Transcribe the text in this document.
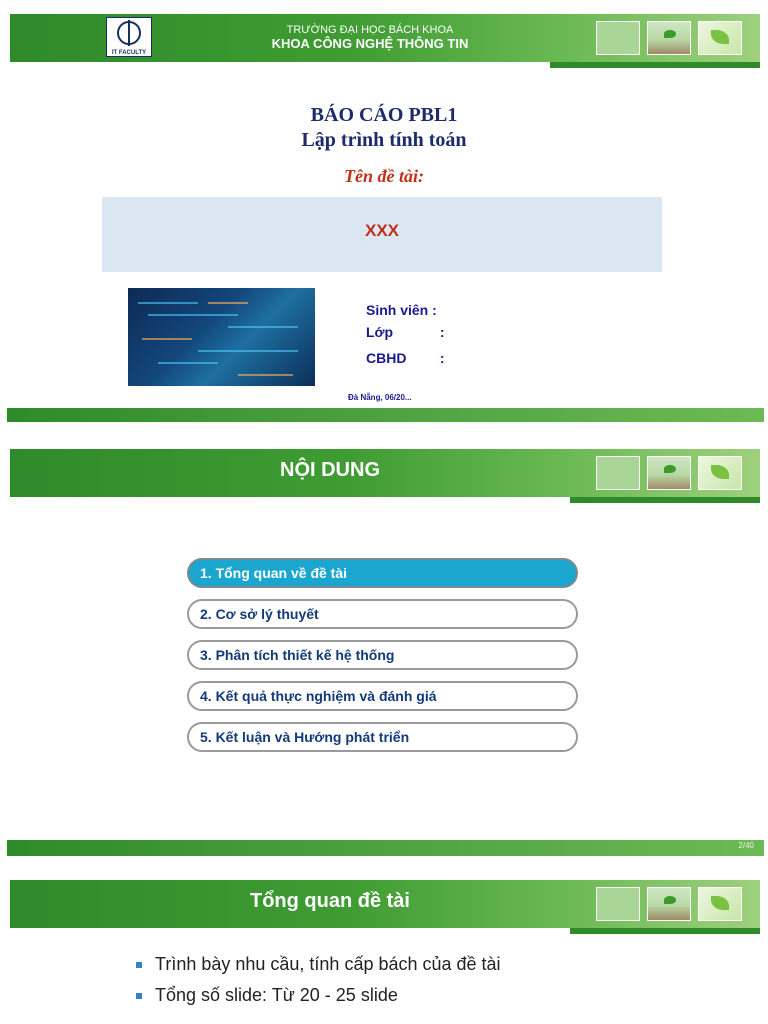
IT FACULTY
TRƯỜNG ĐẠI HỌC BÁCH KHOA
KHOA CÔNG NGHỆ THÔNG TIN
BÁO CÁO PBL1
Lập trình tính toán
Tên đề tài:
XXX
Sinh viên :
Lớp	:
CBHD :
Đà Nẵng, 06/20...
NỘI DUNG
1. Tổng quan về đề tài
2. Cơ sở lý thuyết
3. Phân tích thiết kế hệ thống
4. Kết quả thực nghiệm và đánh giá
5. Kết luận và Hướng phát triển
2/40
Tổng quan đề tài
Trình bày nhu cầu, tính cấp bách của đề tài
Tổng số slide: Từ 20 - 25 slide
